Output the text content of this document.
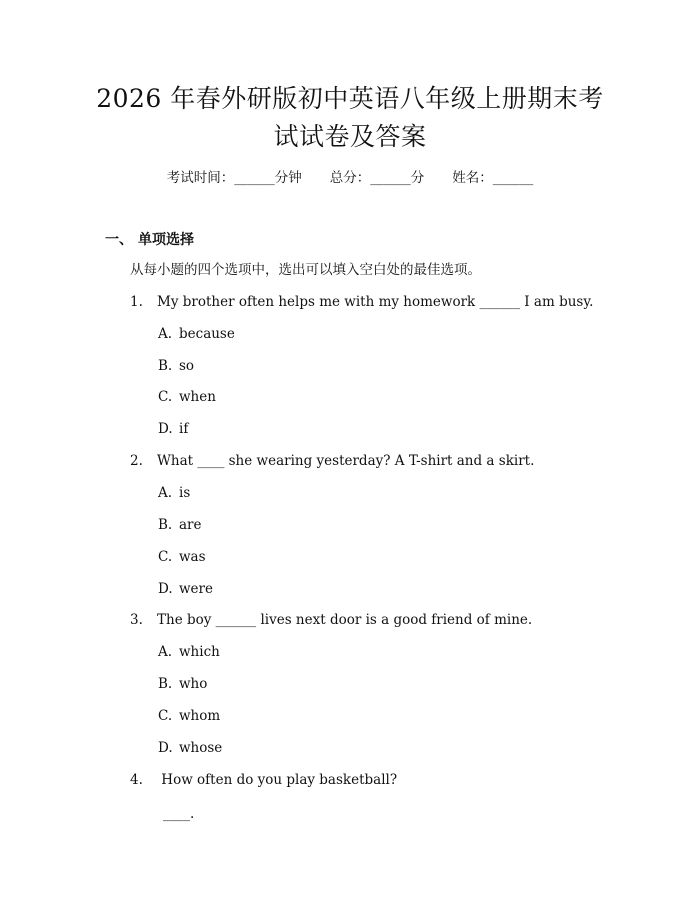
2026 年春外研版初中英语八年级上册期末考
试试卷及答案
考试时间：______分钟 总分：______分 姓名：______
一、 单项选择
从每小题的四个选项中，选出可以填入空白处的最佳选项。
1. My brother often helps me with my homework ______ I am busy.
A. because
B. so
C. when
D. if
2. What ____ she wearing yesterday? A T-shirt and a skirt.
A. is
B. are
C. was
D. were
3. The boy ______ lives next door is a good friend of mine.
A. which
B. who
C. whom
D. whose
4. How often do you play basketball?
____.
